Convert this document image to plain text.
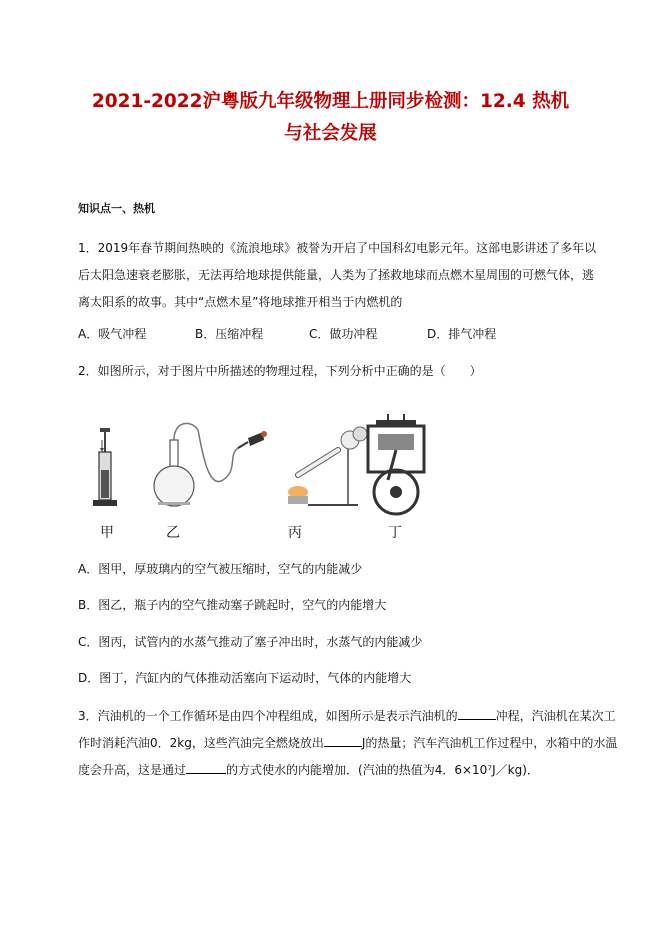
2021-2022沪粤版九年级物理上册同步检测：12.4 热机
与社会发展
知识点一、热机
1．2019年春节期间热映的《流浪地球》被誉为开启了中国科幻电影元年。这部电影讲述了多年以后太阳急速衰老膨胀，无法再给地球提供能量，人类为了拯救地球而点燃木星周围的可燃气体，逃离太阳系的故事。其中“点燃木星”将地球推开相当于内燃机的
A．吸气冲程	B．压缩冲程	C．做功冲程	D．排气冲程
2．如图所示，对于图片中所描述的物理过程，下列分析中正确的是（　　）
甲	乙	丙	丁
A．图甲，厚玻璃内的空气被压缩时，空气的内能减少
B．图乙，瓶子内的空气推动塞子跳起时，空气的内能增大
C．图丙，试管内的水蒸气推动了塞子冲出时，水蒸气的内能减少
D．图丁，汽缸内的气体推动活塞向下运动时，气体的内能增大
3．汽油机的一个工作循环是由四个冲程组成，如图所示是表示汽油机的	冲程，汽油机在某次工作时消耗汽油0．2kg，这些汽油完全燃烧放出	J的热量；汽车汽油机工作过程中，水箱中的水温度会升高，这是通过	的方式使水的内能增加．(汽油的热值为4．6×10⁷J／kg)．
